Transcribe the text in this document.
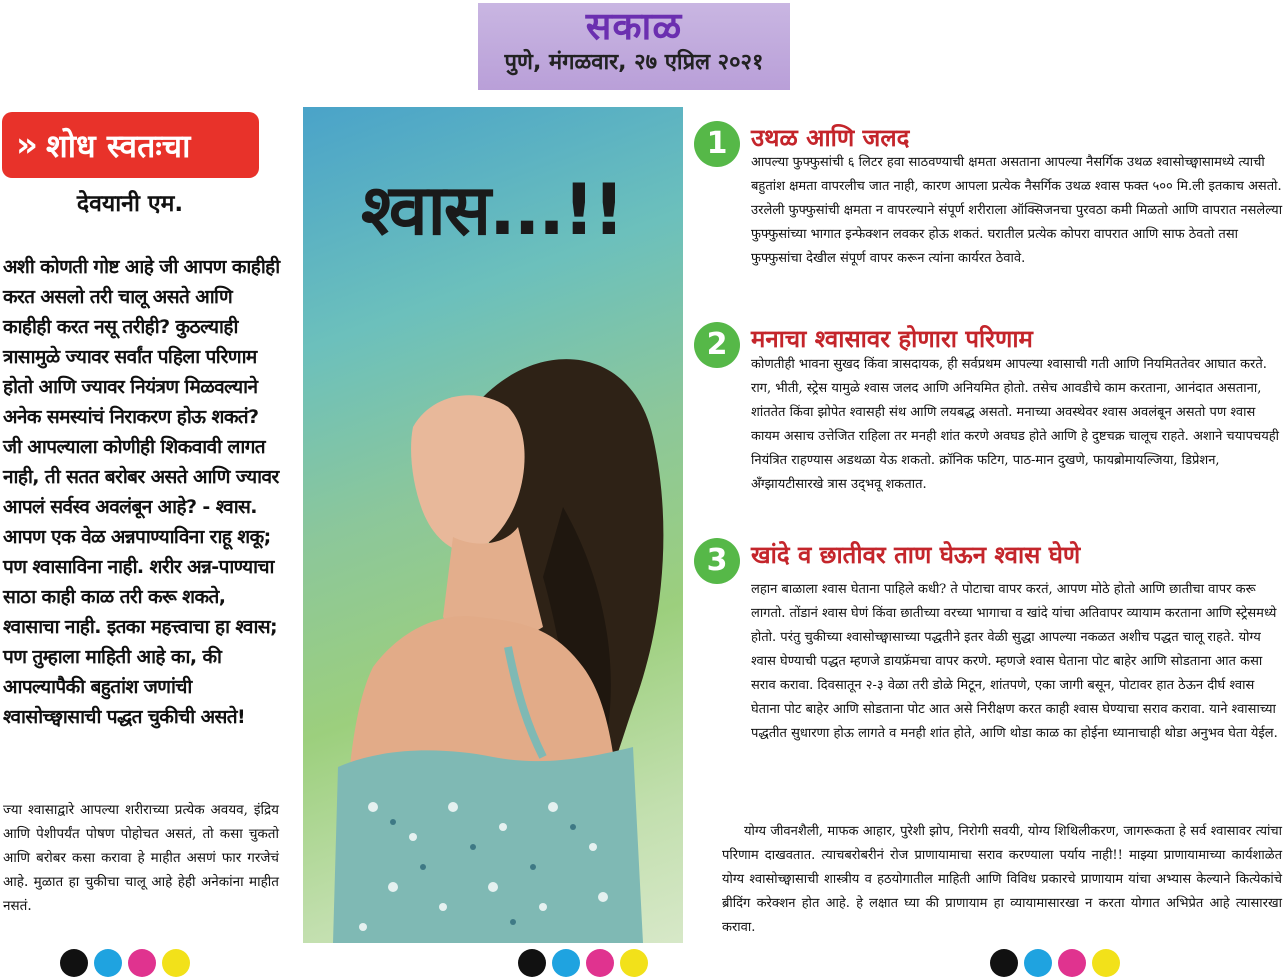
सकाळ
पुणे, मंगळवार, २७ एप्रिल २०२१
» शोध स्वतःचा
देवयानी एम.
अशी कोणती गोष्ट आहे जी आपण काहीही करत असलो तरी चालू असते आणि काहीही करत नसू तरीही? कुठल्याही त्रासामुळे ज्यावर सर्वांत पहिला परिणाम होतो आणि ज्यावर नियंत्रण मिळवल्याने अनेक समस्यांचं निराकरण होऊ शकतं? जी आपल्याला कोणीही शिकवावी लागत नाही, ती सतत बरोबर असते आणि ज्यावर आपलं सर्वस्व अवलंबून आहे? - श्‍वास. आपण एक वेळ अन्नपाण्याविना राहू शकू; पण श्‍वासाविना नाही. शरीर अन्न-पाण्याचा साठा काही काळ तरी करू शकते, श्‍वासाचा नाही. इतका महत्त्वाचा हा श्‍वास; पण तुम्हाला माहिती आहे का, की आपल्यापैकी बहुतांश जणांची श्‍वासोच्छ्वासाची पद्धत चुकीची असते!
ज्या श्‍वासाद्वारे आपल्या शरीराच्या प्रत्येक अवयव, इंद्रिय आणि पेशीपर्यंत पोषण पोहोचत असतं, तो कसा चुकतो आणि बरोबर कसा करावा हे माहीत असणं फार गरजेचं आहे. मुळात हा चुकीचा चालू आहे हेही अनेकांना माहीत नसतं.
श्‍वास...!!
1 उथळ आणि जलद
आपल्या फुफ्फुसांची ६ लिटर हवा साठवण्याची क्षमता असताना आपल्या नैसर्गिक उथळ श्‍वासोच्छ्वासामध्ये त्याची बहुतांश क्षमता वापरलीच जात नाही, कारण आपला प्रत्येक नैसर्गिक उथळ श्‍वास फक्त ५०० मि.ली इतकाच असतो. उरलेली फुफ्फुसांची क्षमता न वापरल्याने संपूर्ण शरीराला ऑक्सिजनचा पुरवठा कमी मिळतो आणि वापरात नसलेल्या फुफ्फुसांच्या भागात इन्फेक्शन लवकर होऊ शकतं. घरातील प्रत्येक कोपरा वापरात आणि साफ ठेवतो तसा फुफ्फुसांचा देखील संपूर्ण वापर करून त्यांना कार्यरत ठेवावे.
2 मनाचा श्वासावर होणारा परिणाम
कोणतीही भावना सुखद किंवा त्रासदायक, ही सर्वप्रथम आपल्या श्‍वासाची गती आणि नियमिततेवर आघात करते. राग, भीती, स्ट्रेस यामुळे श्‍वास जलद आणि अनियमित होतो. तसेच आवडीचे काम करताना, आनंदात असताना, शांततेत किंवा झोपेत श्‍वासही संथ आणि लयबद्ध असतो. मनाच्या अवस्थेवर श्‍वास अवलंबून असतो पण श्‍वास कायम असाच उत्तेजित राहिला तर मनही शांत करणे अवघड होते आणि हे दुष्टचक्र चालूच राहते. अशाने चयापचयही नियंत्रित राहण्यास अडथळा येऊ शकतो. क्रॉनिक फटिग, पाठ-मान दुखणे, फायब्रोमायल्जिया, डिप्रेशन, अँग्झायटीसारखे त्रास उद्‍भवू शकतात.
3 खांदे व छातीवर ताण घेऊन श्वास घेणे
लहान बाळाला श्‍वास घेताना पाहिले कधी? ते पोटाचा वापर करतं, आपण मोठे होतो आणि छातीचा वापर करू लागतो. तोंडानं श्‍वास घेणं किंवा छातीच्या वरच्या भागाचा व खांदे यांचा अतिवापर व्यायाम करताना आणि स्ट्रेसमध्ये होतो. परंतु चुकीच्या श्‍वासोच्छ्वासाच्या पद्धतीने इतर वेळी सुद्धा आपल्या नकळत अशीच पद्धत चालू राहते. योग्य श्‍वास घेण्याची पद्धत म्हणजे डायफ्रॅमचा वापर करणे. म्हणजे श्‍वास घेताना पोट बाहेर आणि सोडताना आत कसा सराव करावा. दिवसातून २-३ वेळा तरी डोळे मिटून, शांतपणे, एका जागी बसून, पोटावर हात ठेऊन दीर्घ श्‍वास घेताना पोट बाहेर आणि सोडताना पोट आत असे निरीक्षण करत काही श्‍वास घेण्याचा सराव करावा. याने श्‍वासाच्या पद्धतीत सुधारणा होऊ लागते व मनही शांत होते, आणि थोडा काळ का होईना ध्यानाचाही थोडा अनुभव घेता येईल.
योग्य जीवनशैली, माफक आहार, पुरेशी झोप, निरोगी सवयी, योग्य शिथिलीकरण, जागरूकता हे सर्व श्‍वासावर त्यांचा परिणाम दाखवतात. त्याचबरोबरीनं रोज प्राणायामाचा सराव करण्याला पर्याय नाही!! माझ्या प्राणायामाच्या कार्यशाळेत योग्य श्‍वासोच्छ्वासाची शास्त्रीय व हठयोगातील माहिती आणि विविध प्रकारचे प्राणायाम यांचा अभ्यास केल्याने कित्येकांचे ब्रीदिंग करेक्शन होत आहे. हे लक्षात घ्या की प्राणायाम हा व्यायामासारखा न करता योगात अभिप्रेत आहे त्यासारखा करावा.
